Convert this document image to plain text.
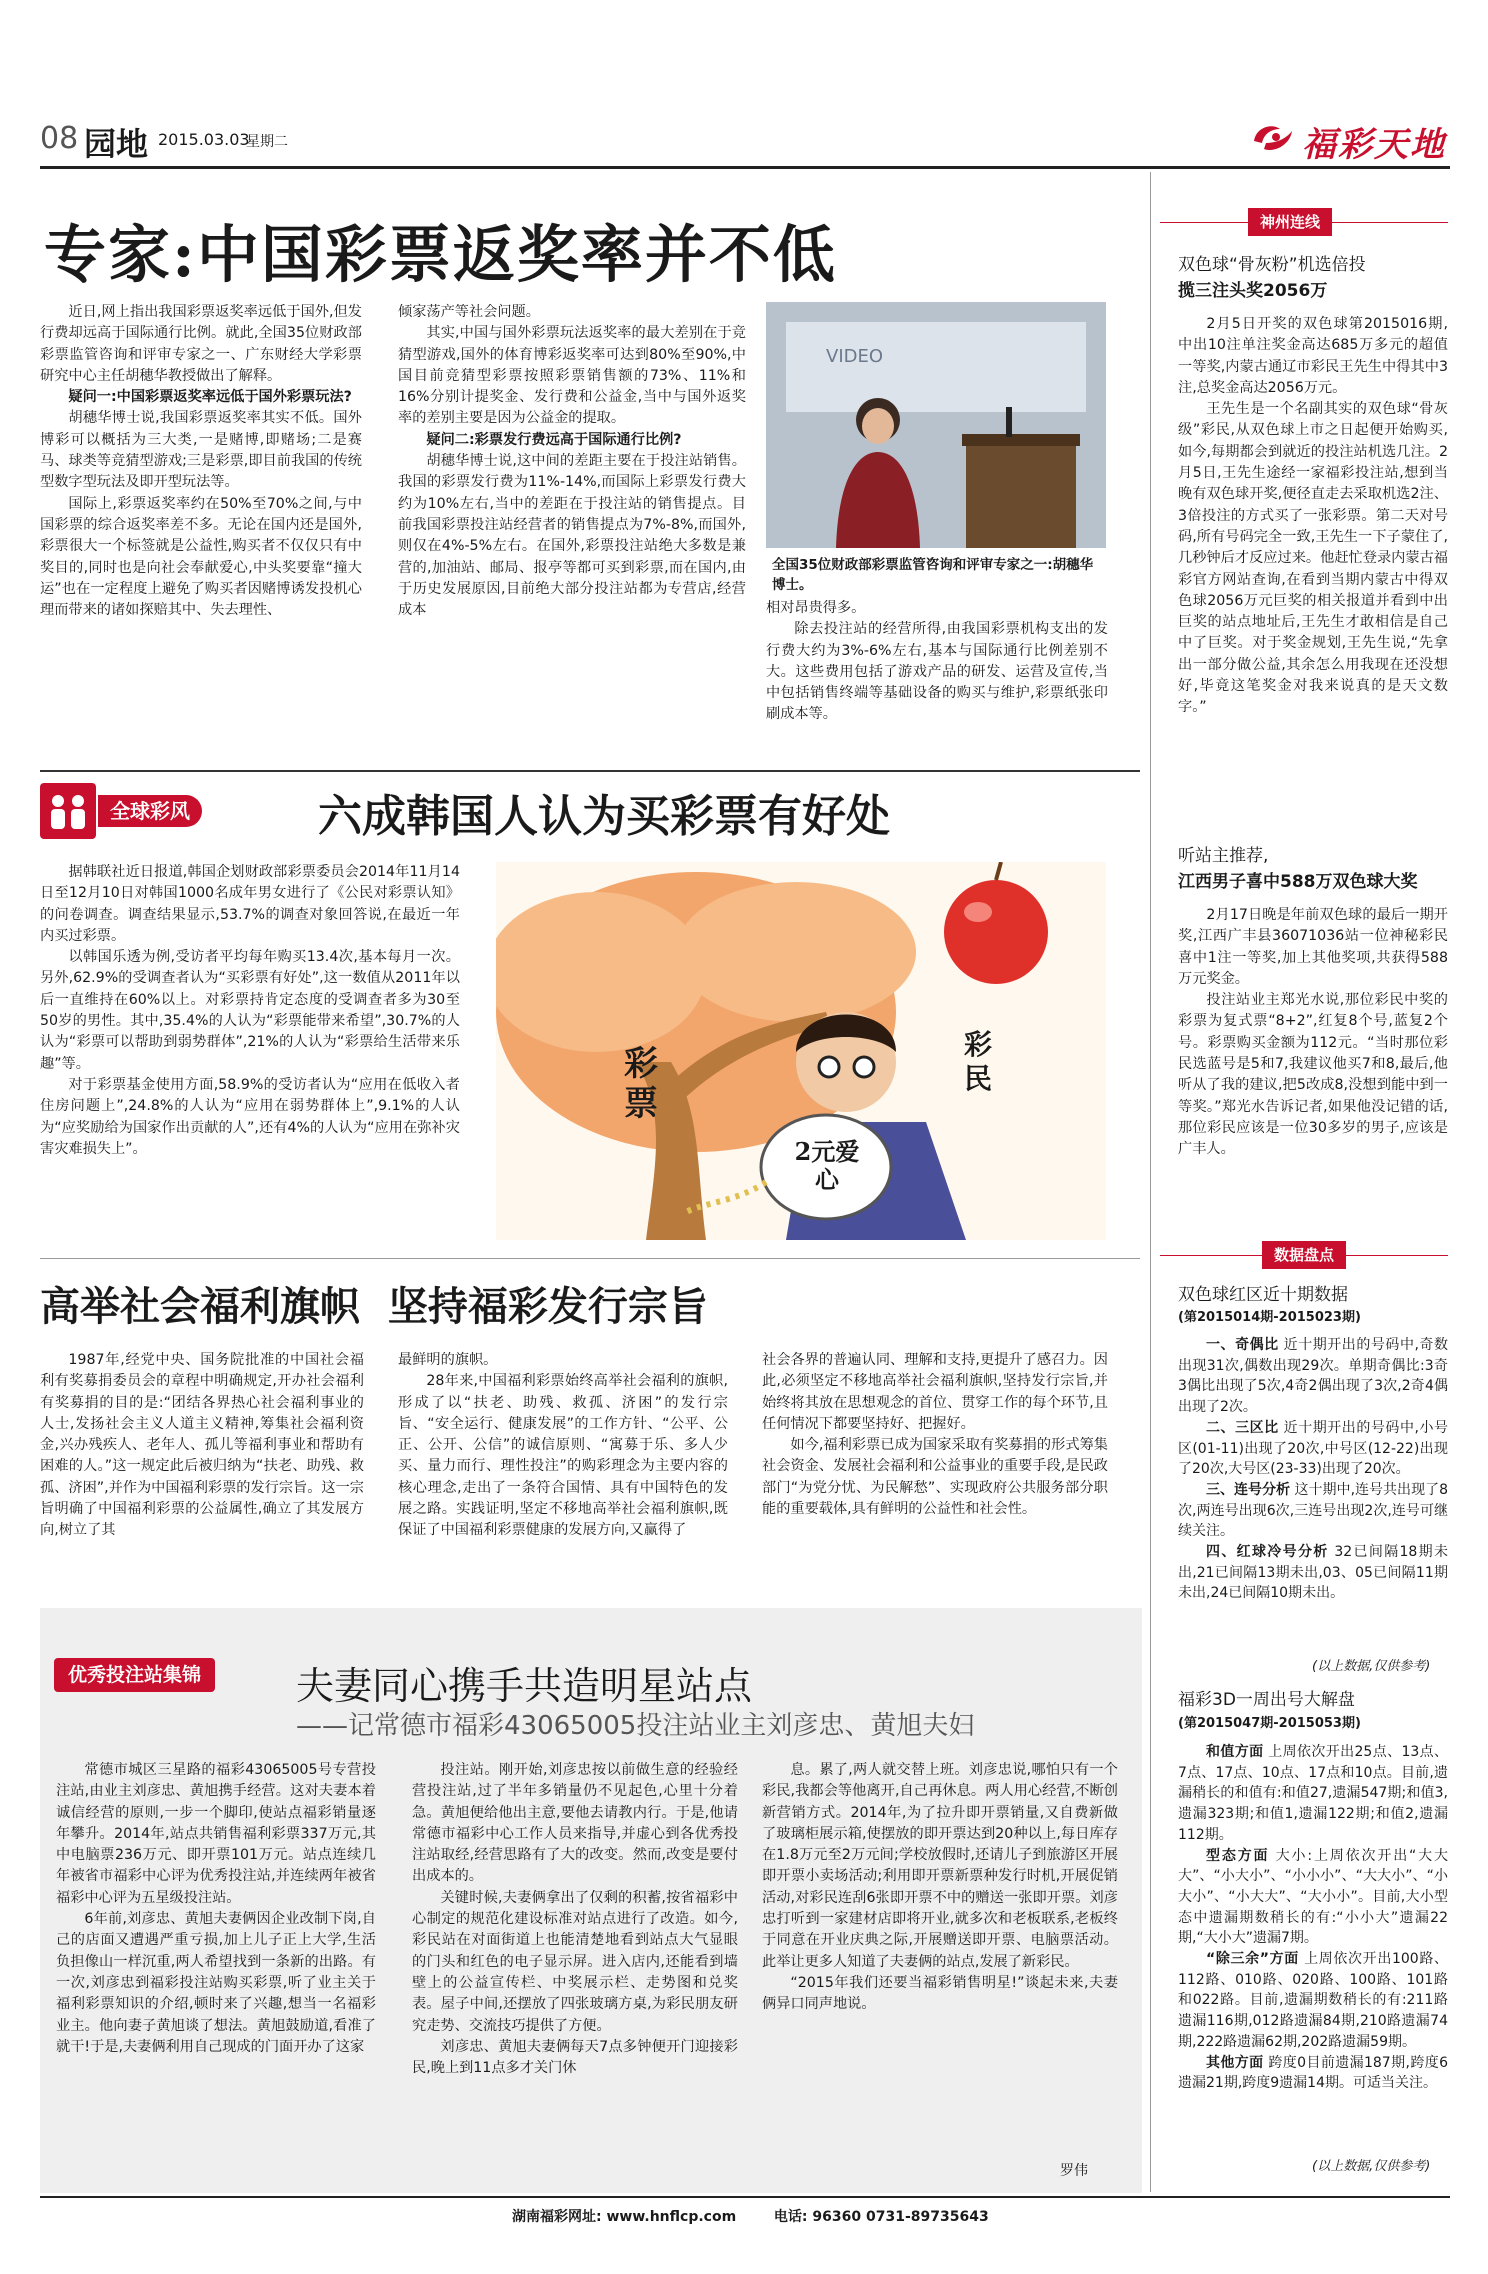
08 园地 2015.03.03
星期二	福彩天地
专家:中国彩票返奖率并不低

近日,网上指出我国彩票返奖率远低于国外,但发行费却远高于国际通行比例。就此,全国35位财政部彩票监管咨询和评审专家之一、广东财经大学彩票研究中心主任胡穗华教授做出了解释。

疑问一:中国彩票返奖率远低于国外彩票玩法?

胡穗华博士说,我国彩票返奖率其实不低。国外博彩可以概括为三大类,一是赌博,即赌场;二是赛马、球类等竞猜型游戏;三是彩票,即目前我国的传统型数字型玩法及即开型玩法等。

国际上,彩票返奖率约在50%至70%之间,与中国彩票的综合返奖率差不多。无论在国内还是国外,彩票很大一个标签就是公益性,购买者不仅仅只有中奖目的,同时也是向社会奉献爱心,中头奖要靠“撞大运”也在一定程度上避免了购买者因赌博诱发投机心理而带来的诸如探赔其中、失去理性、

倾家荡产等社会问题。

其实,中国与国外彩票玩法返奖率的最大差别在于竞猜型游戏,国外的体育博彩返奖率可达到80%至90%,中国目前竞猜型彩票按照彩票销售额的73%、11%和16%分别计提奖金、发行费和公益金,当中与国外返奖率的差别主要是因为公益金的提取。

疑问二:彩票发行费远高于国际通行比例?

胡穗华博士说,这中间的差距主要在于投注站销售。我国的彩票发行费为11%-14%,而国际上彩票发行费大约为10%左右,当中的差距在于投注站的销售提点。目前我国彩票投注站经营者的销售提点为7%-8%,而国外,则仅在4%-5%左右。在国外,彩票投注站绝大多数是兼营的,加油站、邮局、报亭等都可买到彩票,而在国内,由于历史发展原因,目前绝大部分投注站都为专营店,经营成本

VIDEO
全国35位财政部彩票监管咨询和评审专家之一:胡穗华博士。

相对昂贵得多。

除去投注站的经营所得,由我国彩票机构支出的发行费大约为3%-6%左右,基本与国际通行比例差别不大。这些费用包括了游戏产品的研发、运营及宣传,当中包括销售终端等基础设备的购买与维护,彩票纸张印刷成本等。

神州连线
双色球“骨灰粉”机选倍投
揽三注头奖2056万

2月5日开奖的双色球第2015016期,中出10注单注奖金高达685万多元的超值一等奖,内蒙古通辽市彩民王先生中得其中3注,总奖金高达2056万元。

王先生是一个名副其实的双色球“骨灰级”彩民,从双色球上市之日起便开始购买,如今,每期都会到就近的投注站机选几注。2月5日,王先生途经一家福彩投注站,想到当晚有双色球开奖,便径直走去采取机选2注、3倍投注的方式买了一张彩票。第二天对号码,所有号码完全一致,王先生一下子蒙住了,几秒钟后才反应过来。他赶忙登录内蒙古福彩官方网站查询,在看到当期内蒙古中得双色球2056万元巨奖的相关报道并看到中出巨奖的站点地址后,王先生才敢相信是自己中了巨奖。对于奖金规划,王先生说,“先拿出一部分做公益,其余怎么用我现在还没想好,毕竟这笔奖金对我来说真的是天文数字。”

听站主推荐,
江西男子喜中588万双色球大奖

2月17日晚是年前双色球的最后一期开奖,江西广丰县36071036站一位神秘彩民喜中1注一等奖,加上其他奖项,共获得588万元奖金。

投注站业主郑光水说,那位彩民中奖的彩票为复式票“8+2”,红复8个号,蓝复2个号。彩票购买金额为112元。“当时那位彩民选蓝号是5和7,我建议他买7和8,最后,他听从了我的建议,把5改成8,没想到能中到一等奖。”郑光水告诉记者,如果他没记错的话,那位彩民应该是一位30多岁的男子,应该是广丰人。

数据盘点
双色球红区近十期数据
(第2015014期-2015023期)

一、奇偶比 近十期开出的号码中,奇数出现31次,偶数出现29次。单期奇偶比:3奇3偶比出现了5次,4奇2偶出现了3次,2奇4偶出现了2次。

二、三区比 近十期开出的号码中,小号区(01-11)出现了20次,中号区(12-22)出现了20次,大号区(23-33)出现了20次。

三、连号分析 这十期中,连号共出现了8次,两连号出现6次,三连号出现2次,连号可继续关注。

四、红球冷号分析 32已间隔18期未出,21已间隔13期未出,03、05已间隔11期未出,24已间隔10期未出。

(以上数据,仅供参考)
福彩3D一周出号大解盘
(第2015047期-2015053期)

和值方面 上周依次开出25点、13点、7点、17点、10点、17点和10点。目前,遗漏稍长的和值有:和值27,遗漏547期;和值3,遗漏323期;和值1,遗漏122期;和值2,遗漏112期。

型态方面 大小:上周依次开出“大大大”、“小大小”、“小小小”、“大大小”、“小大小”、“小大大”、“大小小”。目前,大小型态中遗漏期数稍长的有:“小小大”遗漏22期,“大小大”遗漏7期。

“除三余”方面 上周依次开出100路、112路、010路、020路、100路、101路和022路。目前,遗漏期数稍长的有:211路遗漏116期,012路遗漏84期,210路遗漏74期,222路遗漏62期,202路遗漏59期。

其他方面 跨度0目前遗漏187期,跨度6遗漏21期,跨度9遗漏14期。可适当关注。

(以上数据,仅供参考)
全球彩风	六成韩国人认为买彩票有好处

据韩联社近日报道,韩国企划财政部彩票委员会2014年11月14日至12月10日对韩国1000名成年男女进行了《公民对彩票认知》的问卷调查。调查结果显示,53.7%的调查对象回答说,在最近一年内买过彩票。

以韩国乐透为例,受访者平均每年购买13.4次,基本每月一次。另外,62.9%的受调查者认为“买彩票有好处”,这一数值从2011年以后一直维持在60%以上。对彩票持肯定态度的受调查者多为30至50岁的男性。其中,35.4%的人认为“彩票能带来希望”,30.7%的人认为“彩票可以帮助到弱势群体”,21%的人认为“彩票给生活带来乐趣”等。

对于彩票基金使用方面,58.9%的受访者认为“应用在低收入者住房问题上”,24.8%的人认为“应用在弱势群体上”,9.1%的人认为“应奖励给为国家作出贡献的人”,还有4%的人认为“应用在弥补灾害灾难损失上”。

彩票
彩民
2元爱心
高举社会福利旗帜  坚持福彩发行宗旨

1987年,经党中央、国务院批准的中国社会福利有奖募捐委员会的章程中明确规定,开办社会福利有奖募捐的目的是:“团结各界热心社会福利事业的人士,发扬社会主义人道主义精神,筹集社会福利资金,兴办残疾人、老年人、孤儿等福利事业和帮助有困难的人。”这一规定此后被归纳为“扶老、助残、救孤、济困”,并作为中国福利彩票的发行宗旨。这一宗旨明确了中国福利彩票的公益属性,确立了其发展方向,树立了其

最鲜明的旗帜。

28年来,中国福利彩票始终高举社会福利的旗帜,形成了以“扶老、助残、救孤、济困”的发行宗旨、“安全运行、健康发展”的工作方针、“公平、公正、公开、公信”的诚信原则、“寓募于乐、多人少买、量力而行、理性投注”的购彩理念为主要内容的核心理念,走出了一条符合国情、具有中国特色的发展之路。实践证明,坚定不移地高举社会福利旗帜,既保证了中国福利彩票健康的发展方向,又赢得了

社会各界的普遍认同、理解和支持,更提升了感召力。因此,必须坚定不移地高举社会福利旗帜,坚持发行宗旨,并始终将其放在思想观念的首位、贯穿工作的每个环节,且任何情况下都要坚持好、把握好。

如今,福利彩票已成为国家采取有奖募捐的形式筹集社会资金、发展社会福利和公益事业的重要手段,是民政部门“为党分忧、为民解愁”、实现政府公共服务部分职能的重要载体,具有鲜明的公益性和社会性。

优秀投注站集锦	夫妻同心携手共造明星站点
——记常德市福彩43065005投注站业主刘彦忠、黄旭夫妇

常德市城区三星路的福彩43065005号专营投注站,由业主刘彦忠、黄旭携手经营。这对夫妻本着诚信经营的原则,一步一个脚印,使站点福彩销量逐年攀升。2014年,站点共销售福利彩票337万元,其中电脑票236万元、即开票101万元。站点连续几年被省市福彩中心评为优秀投注站,并连续两年被省福彩中心评为五星级投注站。

6年前,刘彦忠、黄旭夫妻俩因企业改制下岗,自己的店面又遭遇严重亏损,加上儿子正上大学,生活负担像山一样沉重,两人希望找到一条新的出路。有一次,刘彦忠到福彩投注站购买彩票,听了业主关于福利彩票知识的介绍,顿时来了兴趣,想当一名福彩业主。他向妻子黄旭谈了想法。黄旭鼓励道,看准了就干!于是,夫妻俩利用自己现成的门面开办了这家

投注站。刚开始,刘彦忠按以前做生意的经验经营投注站,过了半年多销量仍不见起色,心里十分着急。黄旭便给他出主意,要他去请教内行。于是,他请常德市福彩中心工作人员来指导,并虚心到各优秀投注站取经,经营思路有了大的改变。然而,改变是要付出成本的。

关键时候,夫妻俩拿出了仅剩的积蓄,按省福彩中心制定的规范化建设标准对站点进行了改造。如今,彩民站在对面街道上也能清楚地看到站点大气显眼的门头和红色的电子显示屏。进入店内,还能看到墙壁上的公益宣传栏、中奖展示栏、走势图和兑奖表。屋子中间,还摆放了四张玻璃方桌,为彩民朋友研究走势、交流技巧提供了方便。

刘彦忠、黄旭夫妻俩每天7点多钟便开门迎接彩民,晚上到11点多才关门休

息。累了,两人就交替上班。刘彦忠说,哪怕只有一个彩民,我都会等他离开,自己再休息。两人用心经营,不断创新营销方式。2014年,为了拉升即开票销量,又自费新做了玻璃柜展示箱,使摆放的即开票达到20种以上,每日库存在1.8万元至2万元间;学校放假时,还请儿子到旅游区开展即开票小卖场活动;利用即开票新票种发行时机,开展促销活动,对彩民连刮6张即开票不中的赠送一张即开票。刘彦忠打听到一家建材店即将开业,就多次和老板联系,老板终于同意在开业庆典之际,开展赠送即开票、电脑票活动。此举让更多人知道了夫妻俩的站点,发展了新彩民。

“2015年我们还要当福彩销售明星!”谈起未来,夫妻俩异口同声地说。

罗伟
湖南福彩网址: www.hnflcp.com	电话: 96360 0731-89735643
